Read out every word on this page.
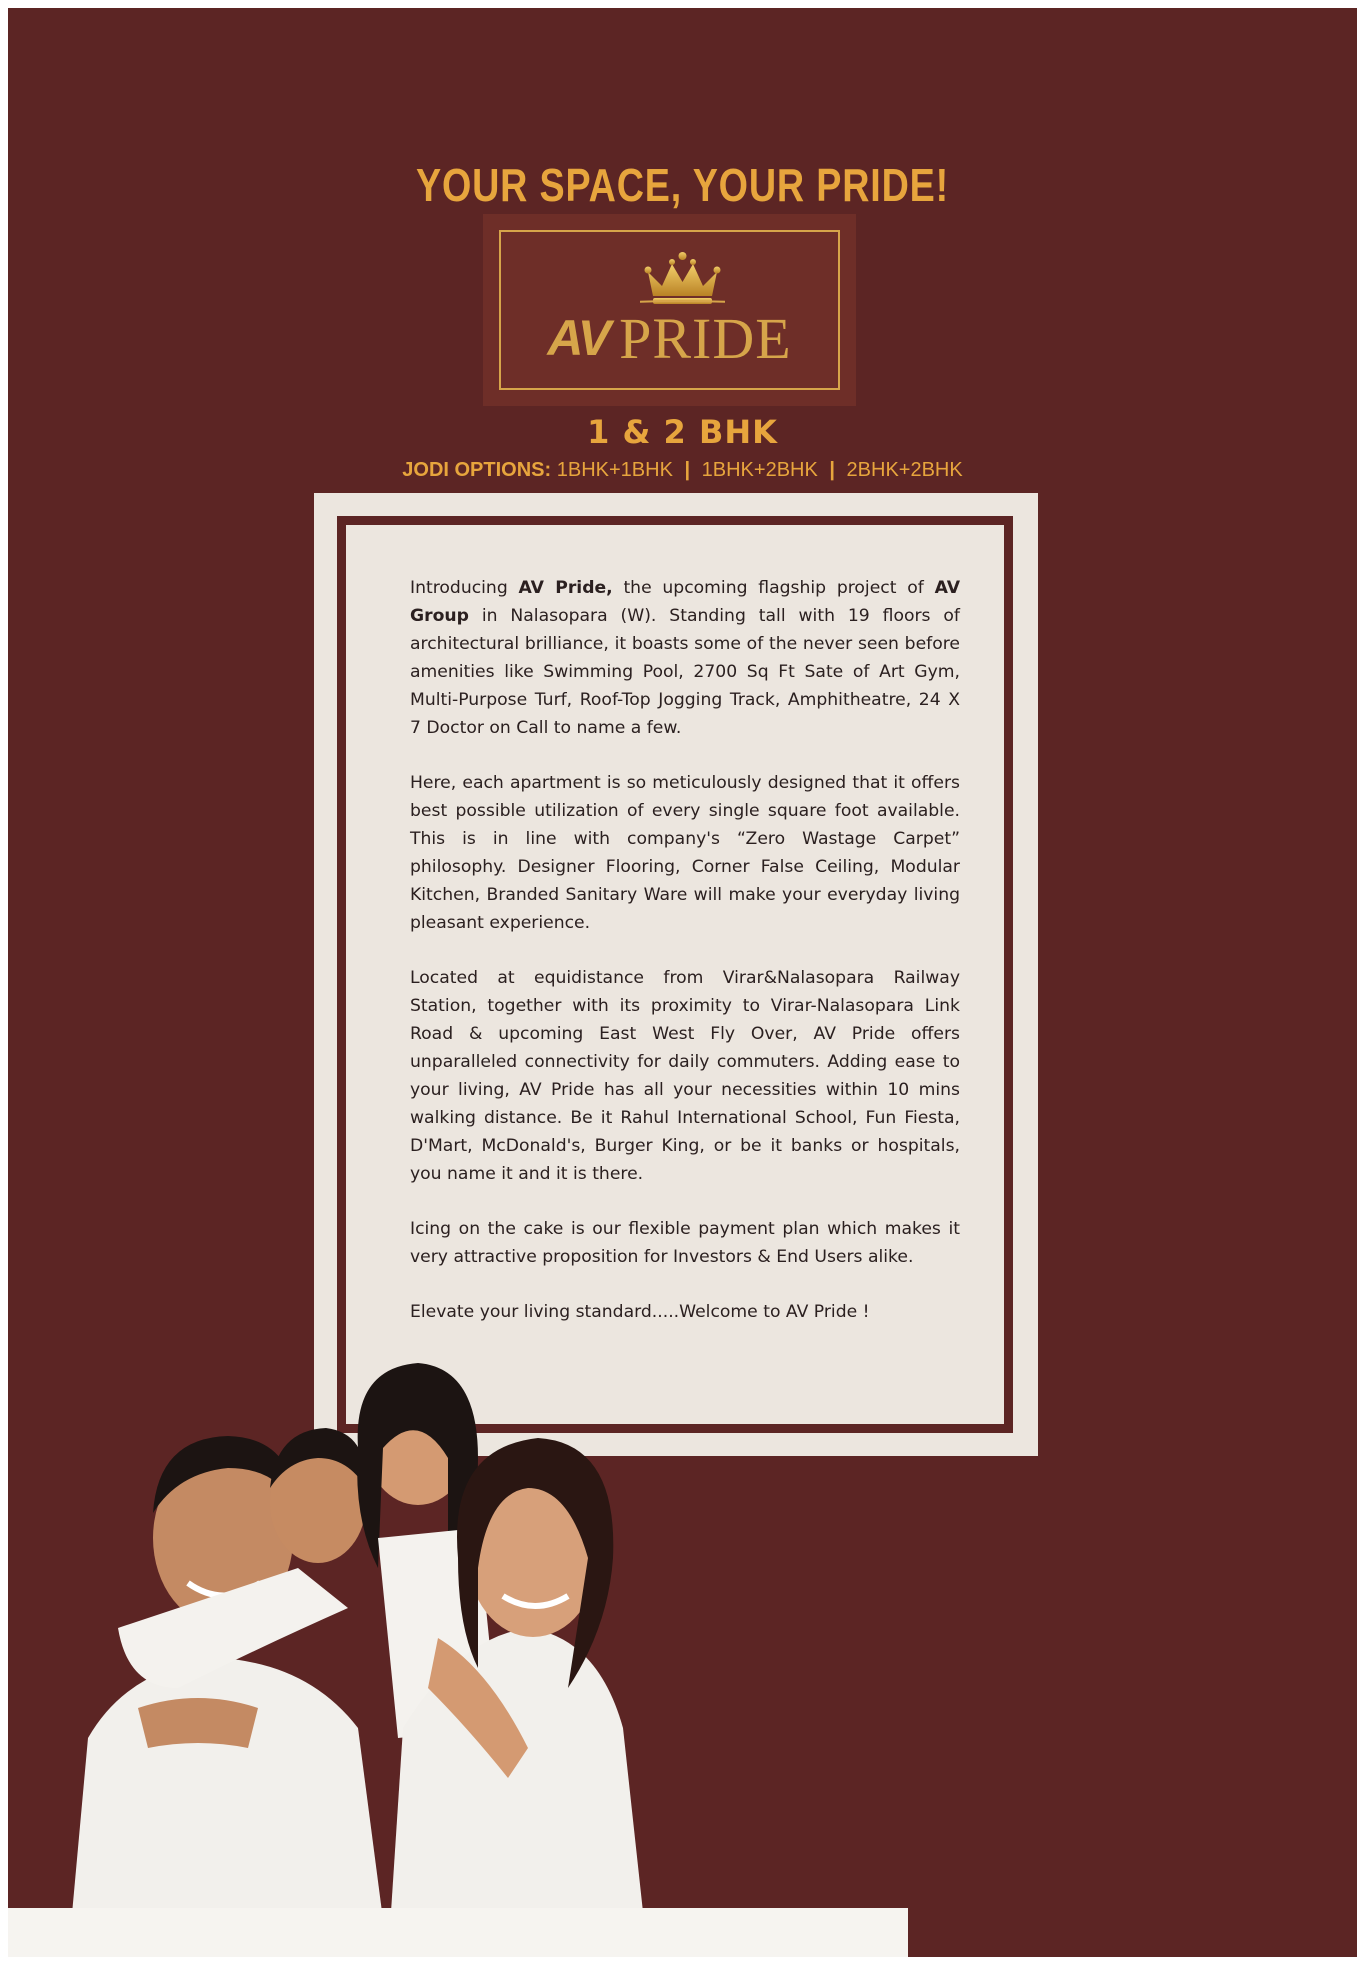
YOUR SPACE, YOUR PRIDE!
AV PRIDE
1 & 2 BHK
JODI OPTIONS: 1BHK+1BHK | 1BHK+2BHK | 2BHK+2BHK

Introducing AV Pride, the upcoming flagship project of AV Group in Nalasopara (W). Standing tall with 19 floors of architectural brilliance, it boasts some of the never seen before amenities like Swimming Pool, 2700 Sq Ft Sate of Art Gym, Multi-Purpose Turf, Roof-Top Jogging Track, Amphitheatre, 24 X 7 Doctor on Call to name a few.

Here, each apartment is so meticulously designed that it offers best possible utilization of every single square foot available. This is in line with company's “Zero Wastage Carpet” philosophy. Designer Flooring, Corner False Ceiling, Modular Kitchen, Branded Sanitary Ware will make your everyday living pleasant experience.

Located at equidistance from Virar&Nalasopara Railway Station, together with its proximity to Virar-Nalasopara Link Road & upcoming East West Fly Over, AV Pride offers unparalleled connectivity for daily commuters. Adding ease to your living, AV Pride has all your necessities within 10 mins walking distance. Be it Rahul International School, Fun Fiesta, D'Mart, McDonald's, Burger King, or be it banks or hospitals, you name it and it is there.

Icing on the cake is our flexible payment plan which makes it very attractive proposition for Investors & End Users alike.

Elevate your living standard.....Welcome to AV Pride !
